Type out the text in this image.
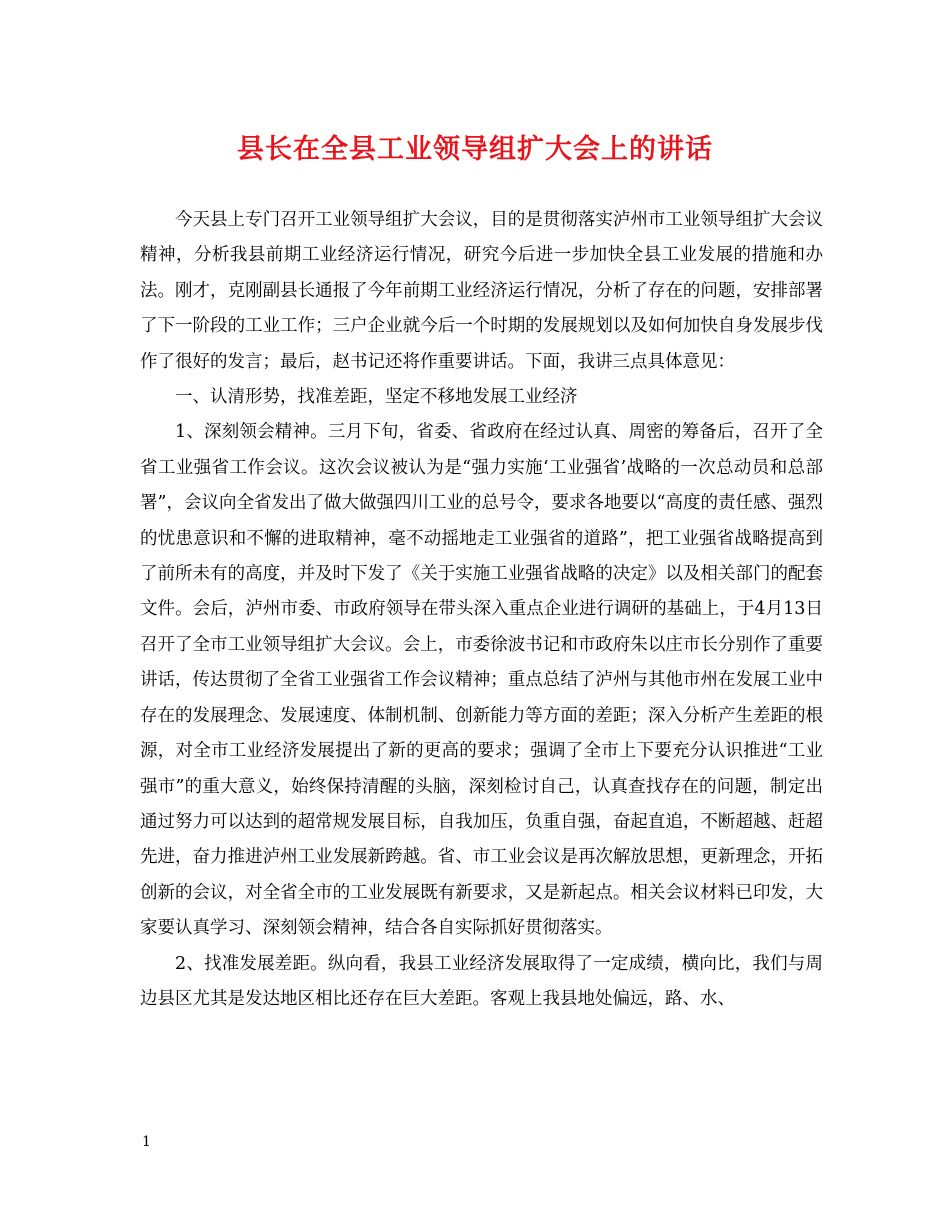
县长在全县工业领导组扩大会上的讲话

今天县上专门召开工业领导组扩大会议，目的是贯彻落实泸州市工业领导组扩大会议精神，分析我县前期工业经济运行情况，研究今后进一步加快全县工业发展的措施和办法。刚才，克刚副县长通报了今年前期工业经济运行情况，分析了存在的问题，安排部署了下一阶段的工业工作；三户企业就今后一个时期的发展规划以及如何加快自身发展步伐作了很好的发言；最后，赵书记还将作重要讲话。下面，我讲三点具体意见：

一、认清形势，找准差距，坚定不移地发展工业经济

1、深刻领会精神。三月下旬，省委、省政府在经过认真、周密的筹备后，召开了全省工业强省工作会议。这次会议被认为是“强力实施‘工业强省’战略的一次总动员和总部署”，会议向全省发出了做大做强四川工业的总号令，要求各地要以“高度的责任感、强烈的忧患意识和不懈的进取精神，毫不动摇地走工业强省的道路”，把工业强省战略提高到了前所未有的高度，并及时下发了《关于实施工业强省战略的决定》以及相关部门的配套文件。会后，泸州市委、市政府领导在带头深入重点企业进行调研的基础上，于4月13日召开了全市工业领导组扩大会议。会上，市委徐波书记和市政府朱以庄市长分别作了重要讲话，传达贯彻了全省工业强省工作会议精神；重点总结了泸州与其他市州在发展工业中存在的发展理念、发展速度、体制机制、创新能力等方面的差距；深入分析产生差距的根源，对全市工业经济发展提出了新的更高的要求；强调了全市上下要充分认识推进“工业强市”的重大意义，始终保持清醒的头脑，深刻检讨自己，认真查找存在的问题，制定出通过努力可以达到的超常规发展目标，自我加压，负重自强，奋起直追，不断超越、赶超先进，奋力推进泸州工业发展新跨越。省、市工业会议是再次解放思想，更新理念，开拓创新的会议，对全省全市的工业发展既有新要求，又是新起点。相关会议材料已印发，大家要认真学习、深刻领会精神，结合各自实际抓好贯彻落实。

2、找准发展差距。纵向看，我县工业经济发展取得了一定成绩，横向比，我们与周边县区尤其是发达地区相比还存在巨大差距。客观上我县地处偏远，路、水、

1
